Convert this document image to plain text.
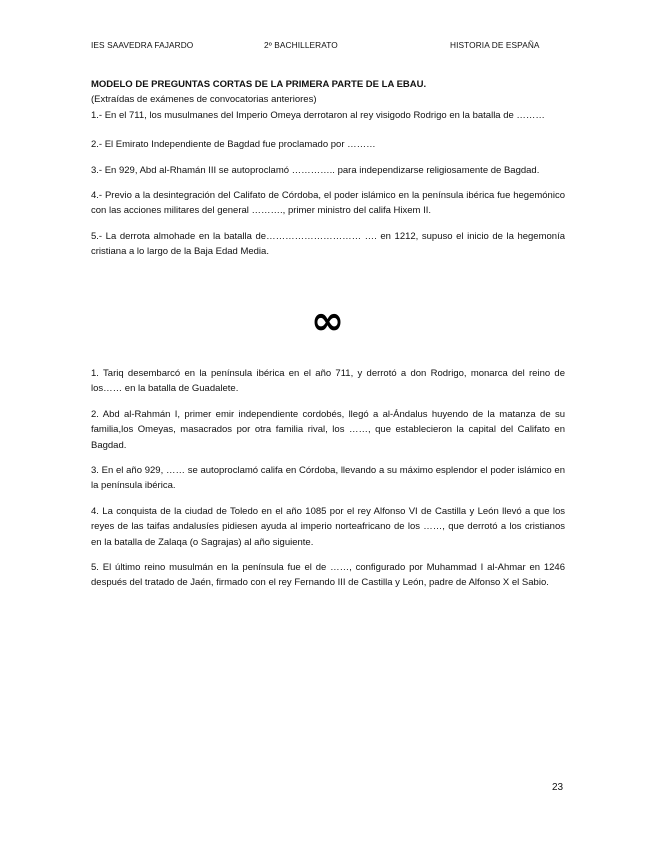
IES SAAVEDRA FAJARDO	2º BACHILLERATO	HISTORIA DE ESPAÑA

MODELO DE PREGUNTAS CORTAS DE LA PRIMERA PARTE DE LA EBAU.

(Extraídas de exámenes de convocatorias anteriores)

1.- En el 711, los musulmanes del Imperio Omeya derrotaron al rey visigodo Rodrigo en la batalla de ………

2.- El Emirato Independiente de Bagdad fue proclamado por ………

3.- En 929, Abd al-Rhamán III se autoproclamó ………….. para independizarse religiosamente de Bagdad.

4.- Previo a la desintegración del Califato de Córdoba, el poder islámico en la península ibérica fue hegemónico con las acciones militares del general ………., primer ministro del califa Hixem II.

5.- La derrota almohade en la batalla de………………………… …. en 1212, supuso el inicio de la hegemonía cristiana a lo largo de la Baja Edad Media.

∞

1. Tariq desembarcó en la península ibérica en el año 711, y derrotó a don Rodrigo, monarca del reino de los…… en la batalla de Guadalete.

2. Abd al-Rahmán I, primer emir independiente cordobés, llegó a al-Ándalus huyendo de la matanza de su familia,los Omeyas, masacrados por otra familia rival, los ……, que establecieron la capital del Califato en Bagdad.

3. En el año 929, …… se autoproclamó califa en Córdoba, llevando a su máximo esplendor el poder islámico en la península ibérica.

4. La conquista de la ciudad de Toledo en el año 1085 por el rey Alfonso VI de Castilla y León llevó a que los reyes de las taifas andalusíes pidiesen ayuda al imperio norteafricano de los ……, que derrotó a los cristianos en la batalla de Zalaqa (o Sagrajas) al año siguiente.

5. El último reino musulmán en la península fue el de ……, configurado por Muhammad I al-Ahmar en 1246 después del tratado de Jaén, firmado con el rey Fernando III de Castilla y León, padre de Alfonso X el Sabio.

23
